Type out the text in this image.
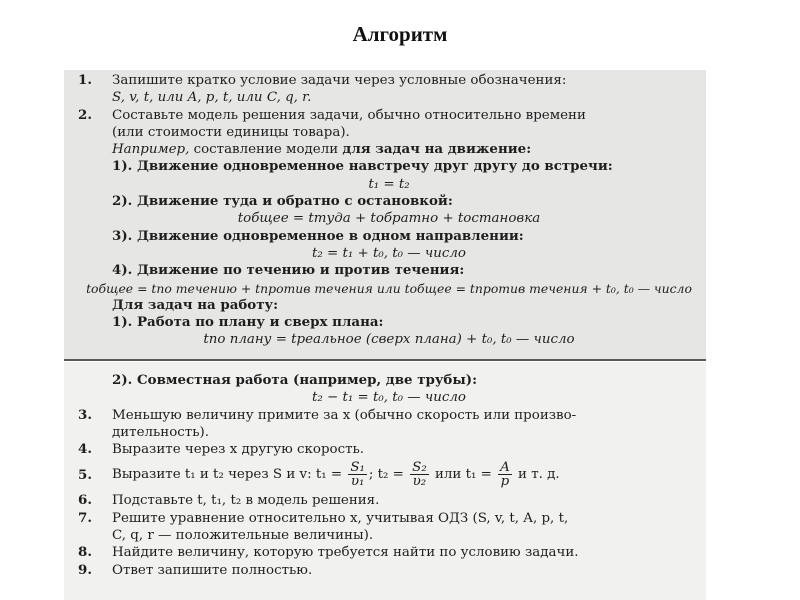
Алгоритм
1. Запишите кратко условие задачи через условные обозначения:
S, v, t, или A, p, t, или C, q, r.
2. Составьте модель решения задачи, обычно относительно времени
(или стоимости единицы товара).
Например, составление модели для задач на движение:
1). Движение одновременное навстречу друг другу до встречи:
t₁ = t₂
2). Движение туда и обратно с остановкой:
tобщее = tтуда + tобратно + tостановка
3). Движение одновременное в одном направлении:
t₂ = t₁ + t₀, t₀ — число
4). Движение по течению и против течения:
tобщее = tпо течению + tпротив течения или tобщее = tпротив течения + t₀, t₀ — число
Для задач на работу:
1). Работа по плану и сверх плана:
tпо плану = tреальное (сверх плана) + t₀, t₀ — число
2). Совместная работа (например, две трубы):
t₂ − t₁ = t₀, t₀ — число
3. Меньшую величину примите за x (обычно скорость или произво-
дительность).
4. Выразите через x другую скорость.
5. Выразите t₁ и t₂ через S и v: $t_1 = \frac{\text{S₁}}{\text{υ₁}}$ ; $t_2 = \frac{\text{S₂}}{\text{υ₂}}$ или $t_1 = \frac{A}{p}$ и т. д.
6. Подставьте t, t₁, t₂ в модель решения.
7. Решите уравнение относительно x, учитывая ОДЗ (S, v, t, A, p, t,
C, q, r — положительные величины).
8. Найдите величину, которую требуется найти по условию задачи.
9. Ответ запишите полностью.
